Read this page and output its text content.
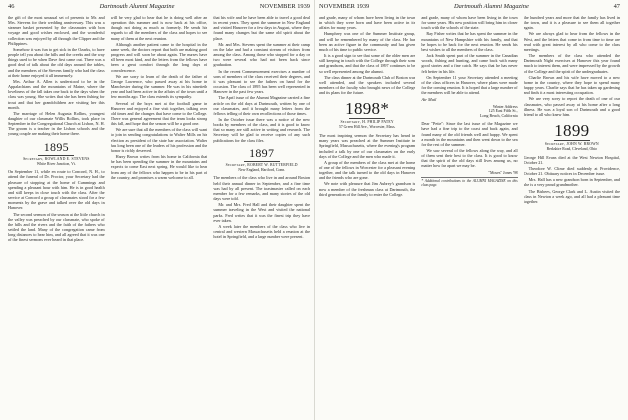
46	Dartmouth Alumni Magazine	NOVEMBER 1939

the gift of the most unusual set of presents to Mr. and Mrs. Stevens for their wedding anniversary. This was a steamer basket presented by the classmates with bon voyage and good wishes enclosed, and the wonderful collection was enjoyed by all through the Clipper and the Philippines.

Somehow it was fun to get sick in the Ozarks, to have people tell you about the hills and the creeks and the way things used to be when Dave first came out. There was a good deal of talk about the old days around the tables, and the members of the Stevens family who had the class at their home enjoyed it all immensely.

Mrs. Arthur A. Allen is understood to be in the Appalachians and the mountains of Maine, where the loveliness of the fall takes one back to the days when the class was young. She writes that she has been fishing for trout and that her grandchildren are visiting her this month.

The marriage of Helen Augusta Rollins, youngest daughter of our classmate Willis Rollins, took place in September in the Congregational Church at Lisbon, N. H. The groom is a teacher in the Lisbon schools and the young couple are making their home there.

1895
Secretary, ROWLAND E. STEVENS
White River Junction, Vt.

On September 11, while en route to Concord, N. H., to attend the funeral of Dr. Proctor, your Secretary had the pleasure of stopping at the home of Cummings and spending a pleasant hour with him. He is in good health and still keeps in close touch with the class. After the service at Concord a group of classmates stood for a few moments by the grave and talked over the old days in Hanover.

The second sermon of the season at the little church in the valley was preached by our classmate, who spoke of the hills and the rivers and the faith of the fathers who settled the land. Many of the congregation came from long distances to hear him, and all agreed that it was one of the finest sermons ever heard in that place.

will be very glad to hear that he is doing well after an operation this summer and is now back at his office, though not doing as much as formerly. He sends his regards to all the members of the class and hopes to see many of them at the next reunion.

Although another patient came to the hospital in the same week, the doctors report that both are making good progress and will soon be about again. The nurses have all been most kind, and the letters from the fellows have been a great comfort through the long days of convalescence.

We are sorry to learn of the death of the father of George Lawrence, who passed away at his home in Manchester during the summer. He was in his ninetieth year and had been active in the affairs of the town until a few months ago. The class extends its sympathy.

Several of the boys met at the football game in Hanover and enjoyed a fine visit together, talking over old times and the changes that have come to the College. There was general agreement that the team looks strong this fall, and hope that the season will be a good one.

We are sure that all the members of the class will want to join in sending congratulations to Walter Mills on his election as president of the state bar association. Walter has long been one of the leaders of his profession and the honor is richly deserved.

Harry Brown writes from his home in California that he has been spending the summer in the mountains and expects to come East next spring. He would like to hear from any of the fellows who happen to be in his part of the country, and promises a warm welcome to all.

that his wife and he have been able to travel a good deal in recent years. They spent the summer in New England and visited Hanover for a few days in August, where they found many changes but the same old spirit about the place.

Mr. and Mrs. Stevens spent the summer at their camp on the lake and had a constant stream of visitors from among the class. Among those who stopped for a day or two were several who had not been back since graduation.

In the recent Commencement exercises a number of sons of members of the class received their degrees, and it was pleasant to see the fathers on hand for the occasion. The class of 1895 has been well represented in Hanover in the past few years.

The April issue of the Alumni Magazine carried a fine article on the old days at Dartmouth, written by one of our classmates, and it brought many letters from the fellows telling of their own recollections of those times.

In the October issue there was a notice of the new books by members of the class, and it is good to know that so many are still active in writing and research. The Secretary will be glad to receive copies of any such publications for the class files.

1897
Secretary, ROBERT W. BUTTERFIELD
New England, Hartford, Conn.

The members of the class who live in and around Boston held their annual dinner in September, and a fine time was had by all present. The toastmaster called on each member for a few remarks, and many stories of the old days were told.

Mr. and Mrs. Fred Hall and their daughter spent the summer traveling in the West and visited the national parks. Fred writes that it was the finest trip they have ever taken.

A week later the members of the class who live in central and western Massachusetts held a reunion at the hotel in Springfield, and a large number were present.

NOVEMBER 1939	Dartmouth Alumni Magazine	47

and grade, many of whom have been living in the town in which they were born and have been active in its affairs for many years.

Humphrey was one of the Summer Institute group, and will be remembered by many of the class. He has been an active figure in the community and has given much of his time to public service.

It is a good sign to see that some of the older men are still keeping in touch with the College through their sons and grandsons, and that the class of 1897 continues to be so well represented among the alumni.

The class dinner at the Dartmouth Club of Boston was well attended, and the speakers included several members of the faculty who brought news of the College and its plans for the future.

1898*
Secretary, H. PHILIP PATEY
57 Green Hill Ave., Worcester, Mass.

The most inspiring sermon the Secretary has heard in many years was preached at the Summer Institute in Springfield, Massachusetts, where the evening's program included a talk by one of our classmates on the early days of the College and the men who made it.

A group of the members of the class met at the home of one of the fellows in Worcester for a pleasant evening together, and the talk turned to the old days in Hanover and the friends who are gone.

We note with pleasure that Jim Aubrey's grandson is now a member of the freshman class at Dartmouth, the third generation of the family to enter the College.

and grade, many of whom have been living in the town for some years. His new position will bring him in closer touch with the schools of the state.

Ray Fisher writes that he has spent the summer in the mountains of New Hampshire with his family, and that he hopes to be back for the next reunion. He sends his best wishes to all the members of the class.

Jack Smith spent part of the summer in the Canadian woods, fishing and hunting, and came back with many good stories and a fine catch. He says that he has never felt better in his life.

On September 11 your Secretary attended a meeting of the class officers in Hanover, where plans were made for the coming reunion. It is hoped that a large number of the members will be able to attend.

Air Mail
Winter Address
125 East Fifth St.,
Long Beach, California

Dear "Petie": Since the last issue of the Magazine we have had a fine trip to the coast and back again, and found many of the old friends well and happy. We spent a month in the mountains and then went down to the sea for the rest of the summer.

We saw several of the fellows along the way, and all of them sent their best to the class. It is good to know that the spirit of the old days still lives among us, no matter how far apart we may be.

"Moses" Jones '98
* Additional contributions to the ALUMNI MAGAZINE on this class page.

the hundred years and more that the family has lived in the town, and it is a pleasure to see them all together again.

We are always glad to hear from the fellows in the West, and the letters that come in from time to time are read with great interest by all who come to the class meetings.

The members of the class who attended the Dartmouth Night exercises at Hanover this year found much to interest them, and were impressed by the growth of the College and the spirit of the undergraduates.

Charlie Brown and his wife have moved to a new home in the country, where they hope to spend many happy years. Charlie says that he has taken up gardening and finds it a most interesting occupation.

We are very sorry to report the death of one of our classmates, who passed away at his home after a long illness. He was a loyal son of Dartmouth and a good friend to all who knew him.

1899
Secretary, JOHN W. BROWN
Berkshire Road, Cleveland, Ohio

George Hill Evans died at the West Newton Hospital, October 21.

Theodore W. Clime died suddenly at Providence, October 21. Obituary notices in December issue.

Mrs. Hall has a new grandson born in September, and she is a very proud grandmother.

The Bisbees, George Clark and L. Austin visited the class in Newton a week ago, and all had a pleasant time together.
